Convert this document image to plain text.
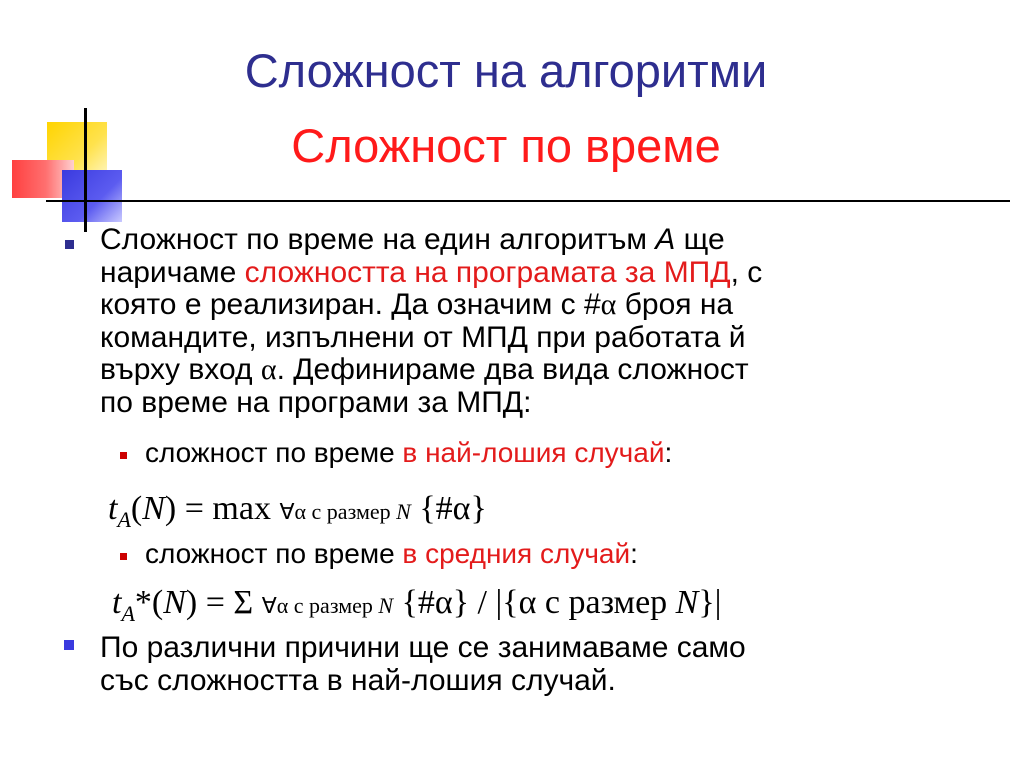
Сложност на алгоритми
Сложност по време
Сложност по време на един алгоритъм A ще
наричаме сложността на програмата за МПД, с
която е реализиран. Да означим с #α броя на
командите, изпълнени от МПД при работата й
върху вход α. Дефинираме два вида сложност
по време на програми за МПД:
сложност по време в най-лошия случай:
$t_A(N) = \max$ ∀α с размер N {#α}
сложност по време в средния случай:
$t_A*(N) = \Sigma$ ∀α с размер N {#α} / |{α с размер N}|
По различни причини ще се занимаваме само
със сложността в най-лошия случай.
